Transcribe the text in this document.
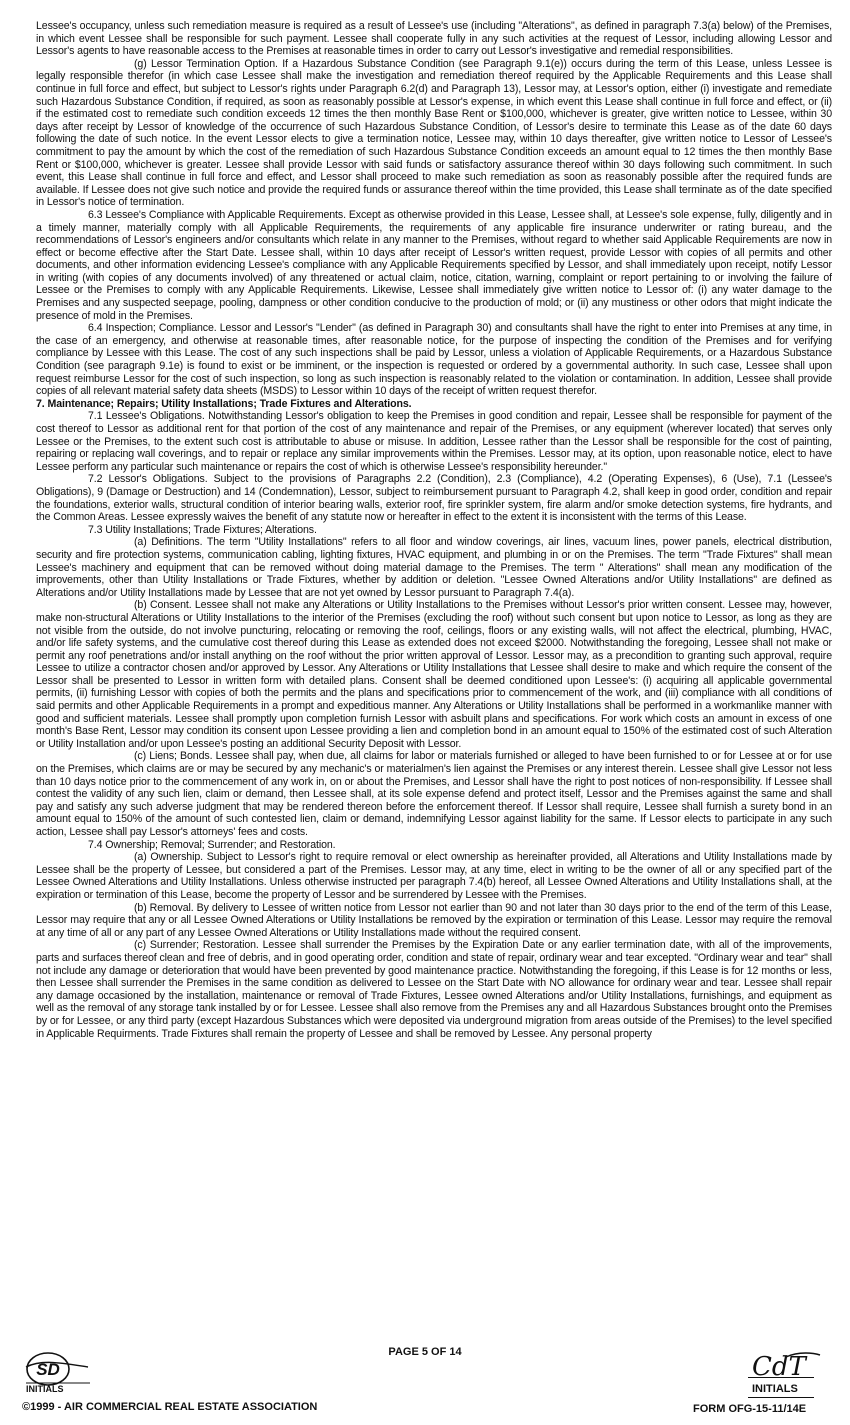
Lessee's occupancy, unless such remediation measure is required as a result of Lessee's use (including "Alterations", as defined in paragraph 7.3(a) below) of the Premises, in which event Lessee shall be responsible for such payment. Lessee shall cooperate fully in any such activities at the request of Lessor, including allowing Lessor and Lessor's agents to have reasonable access to the Premises at reasonable times in order to carry out Lessor's investigative and remedial responsibilities.

(g) Lessor Termination Option. If a Hazardous Substance Condition (see Paragraph 9.1(e)) occurs during the term of this Lease, unless Lessee is legally responsible therefor (in which case Lessee shall make the investigation and remediation thereof required by the Applicable Requirements and this Lease shall continue in full force and effect, but subject to Lessor's rights under Paragraph 6.2(d) and Paragraph 13), Lessor may, at Lessor's option, either (i) investigate and remediate such Hazardous Substance Condition, if required, as soon as reasonably possible at Lessor's expense, in which event this Lease shall continue in full force and effect, or (ii) if the estimated cost to remediate such condition exceeds 12 times the then monthly Base Rent or $100,000, whichever is greater, give written notice to Lessee, within 30 days after receipt by Lessor of knowledge of the occurrence of such Hazardous Substance Condition, of Lessor's desire to terminate this Lease as of the date 60 days following the date of such notice. In the event Lessor elects to give a termination notice, Lessee may, within 10 days thereafter, give written notice to Lessor of Lessee's commitment to pay the amount by which the cost of the remediation of such Hazardous Substance Condition exceeds an amount equal to 12 times the then monthly Base Rent or $100,000, whichever is greater. Lessee shall provide Lessor with said funds or satisfactory assurance thereof within 30 days following such commitment. In such event, this Lease shall continue in full force and effect, and Lessor shall proceed to make such remediation as soon as reasonably possible after the required funds are available. If Lessee does not give such notice and provide the required funds or assurance thereof within the time provided, this Lease shall terminate as of the date specified in Lessor's notice of termination.

6.3 Lessee's Compliance with Applicable Requirements. Except as otherwise provided in this Lease, Lessee shall, at Lessee's sole expense, fully, diligently and in a timely manner, materially comply with all Applicable Requirements, the requirements of any applicable fire insurance underwriter or rating bureau, and the recommendations of Lessor's engineers and/or consultants which relate in any manner to the Premises, without regard to whether said Applicable Requirements are now in effect or become effective after the Start Date. Lessee shall, within 10 days after receipt of Lessor's written request, provide Lessor with copies of all permits and other documents, and other information evidencing Lessee's compliance with any Applicable Requirements specified by Lessor, and shall immediately upon receipt, notify Lessor in writing (with copies of any documents involved) of any threatened or actual claim, notice, citation, warning, complaint or report pertaining to or involving the failure of Lessee or the Premises to comply with any Applicable Requirements. Likewise, Lessee shall immediately give written notice to Lessor of: (i) any water damage to the Premises and any suspected seepage, pooling, dampness or other condition conducive to the production of mold; or (ii) any mustiness or other odors that might indicate the presence of mold in the Premises.

6.4 Inspection; Compliance. Lessor and Lessor's "Lender" (as defined in Paragraph 30) and consultants shall have the right to enter into Premises at any time, in the case of an emergency, and otherwise at reasonable times, after reasonable notice, for the purpose of inspecting the condition of the Premises and for verifying compliance by Lessee with this Lease. The cost of any such inspections shall be paid by Lessor, unless a violation of Applicable Requirements, or a Hazardous Substance Condition (see paragraph 9.1e) is found to exist or be imminent, or the inspection is requested or ordered by a governmental authority. In such case, Lessee shall upon request reimburse Lessor for the cost of such inspection, so long as such inspection is reasonably related to the violation or contamination. In addition, Lessee shall provide copies of all relevant material safety data sheets (MSDS) to Lessor within 10 days of the receipt of written request therefor.

7. Maintenance; Repairs; Utility Installations; Trade Fixtures and Alterations.

7.1 Lessee's Obligations. Notwithstanding Lessor's obligation to keep the Premises in good condition and repair, Lessee shall be responsible for payment of the cost thereof to Lessor as additional rent for that portion of the cost of any maintenance and repair of the Premises, or any equipment (wherever located) that serves only Lessee or the Premises, to the extent such cost is attributable to abuse or misuse. In addition, Lessee rather than the Lessor shall be responsible for the cost of painting, repairing or replacing wall coverings, and to repair or replace any similar improvements within the Premises. Lessor may, at its option, upon reasonable notice, elect to have Lessee perform any particular such maintenance or repairs the cost of which is otherwise Lessee's responsibility hereunder."

7.2 Lessor's Obligations. Subject to the provisions of Paragraphs 2.2 (Condition), 2.3 (Compliance), 4.2 (Operating Expenses), 6 (Use), 7.1 (Lessee's Obligations), 9 (Damage or Destruction) and 14 (Condemnation), Lessor, subject to reimbursement pursuant to Paragraph 4.2, shall keep in good order, condition and repair the foundations, exterior walls, structural condition of interior bearing walls, exterior roof, fire sprinkler system, fire alarm and/or smoke detection systems, fire hydrants, and the Common Areas. Lessee expressly waives the benefit of any statute now or hereafter in effect to the extent it is inconsistent with the terms of this Lease.

7.3 Utility Installations; Trade Fixtures; Alterations.

(a) Definitions. The term "Utility Installations" refers to all floor and window coverings, air lines, vacuum lines, power panels, electrical distribution, security and fire protection systems, communication cabling, lighting fixtures, HVAC equipment, and plumbing in or on the Premises. The term "Trade Fixtures" shall mean Lessee's machinery and equipment that can be removed without doing material damage to the Premises. The term " Alterations" shall mean any modification of the improvements, other than Utility Installations or Trade Fixtures, whether by addition or deletion. "Lessee Owned Alterations and/or Utility Installations" are defined as Alterations and/or Utility Installations made by Lessee that are not yet owned by Lessor pursuant to Paragraph 7.4(a).

(b) Consent. Lessee shall not make any Alterations or Utility Installations to the Premises without Lessor's prior written consent. Lessee may, however, make non-structural Alterations or Utility Installations to the interior of the Premises (excluding the roof) without such consent but upon notice to Lessor, as long as they are not visible from the outside, do not involve puncturing, relocating or removing the roof, ceilings, floors or any existing walls, will not affect the electrical, plumbing, HVAC, and/or life safety systems, and the cumulative cost thereof during this Lease as extended does not exceed $2000. Notwithstanding the foregoing, Lessee shall not make or permit any roof penetrations and/or install anything on the roof without the prior written approval of Lessor. Lessor may, as a precondition to granting such approval, require Lessee to utilize a contractor chosen and/or approved by Lessor. Any Alterations or Utility Installations that Lessee shall desire to make and which require the consent of the Lessor shall be presented to Lessor in written form with detailed plans. Consent shall be deemed conditioned upon Lessee's: (i) acquiring all applicable governmental permits, (ii) furnishing Lessor with copies of both the permits and the plans and specifications prior to commencement of the work, and (iii) compliance with all conditions of said permits and other Applicable Requirements in a prompt and expeditious manner. Any Alterations or Utility Installations shall be performed in a workmanlike manner with good and sufficient materials. Lessee shall promptly upon completion furnish Lessor with asbuilt plans and specifications. For work which costs an amount in excess of one month's Base Rent, Lessor may condition its consent upon Lessee providing a lien and completion bond in an amount equal to 150% of the estimated cost of such Alteration or Utility Installation and/or upon Lessee's posting an additional Security Deposit with Lessor.

(c) Liens; Bonds. Lessee shall pay, when due, all claims for labor or materials furnished or alleged to have been furnished to or for Lessee at or for use on the Premises, which claims are or may be secured by any mechanic's or materialmen's lien against the Premises or any interest therein. Lessee shall give Lessor not less than 10 days notice prior to the commencement of any work in, on or about the Premises, and Lessor shall have the right to post notices of non-responsibility. If Lessee shall contest the validity of any such lien, claim or demand, then Lessee shall, at its sole expense defend and protect itself, Lessor and the Premises against the same and shall pay and satisfy any such adverse judgment that may be rendered thereon before the enforcement thereof. If Lessor shall require, Lessee shall furnish a surety bond in an amount equal to 150% of the amount of such contested lien, claim or demand, indemnifying Lessor against liability for the same. If Lessor elects to participate in any such action, Lessee shall pay Lessor's attorneys' fees and costs.

7.4 Ownership; Removal; Surrender; and Restoration.

(a) Ownership. Subject to Lessor's right to require removal or elect ownership as hereinafter provided, all Alterations and Utility Installations made by Lessee shall be the property of Lessee, but considered a part of the Premises. Lessor may, at any time, elect in writing to be the owner of all or any specified part of the Lessee Owned Alterations and Utility Installations. Unless otherwise instructed per paragraph 7.4(b) hereof, all Lessee Owned Alterations and Utility Installations shall, at the expiration or termination of this Lease, become the property of Lessor and be surrendered by Lessee with the Premises.

(b) Removal. By delivery to Lessee of written notice from Lessor not earlier than 90 and not later than 30 days prior to the end of the term of this Lease, Lessor may require that any or all Lessee Owned Alterations or Utility Installations be removed by the expiration or termination of this Lease. Lessor may require the removal at any time of all or any part of any Lessee Owned Alterations or Utility Installations made without the required consent.

(c) Surrender; Restoration. Lessee shall surrender the Premises by the Expiration Date or any earlier termination date, with all of the improvements, parts and surfaces thereof clean and free of debris, and in good operating order, condition and state of repair, ordinary wear and tear excepted. "Ordinary wear and tear" shall not include any damage or deterioration that would have been prevented by good maintenance practice. Notwithstanding the foregoing, if this Lease is for 12 months or less, then Lessee shall surrender the Premises in the same condition as delivered to Lessee on the Start Date with NO allowance for ordinary wear and tear. Lessee shall repair any damage occasioned by the installation, maintenance or removal of Trade Fixtures, Lessee owned Alterations and/or Utility Installations, furnishings, and equipment as well as the removal of any storage tank installed by or for Lessee. Lessee shall also remove from the Premises any and all Hazardous Substances brought onto the Premises by or for Lessee, or any third party (except Hazardous Substances which were deposited via underground migration from areas outside of the Premises) to the level specified in Applicable Requirments. Trade Fixtures shall remain the property of Lessee and shall be removed by Lessee. Any personal property

SD
INITIALS
PAGE 5 OF 14	CdT
INITIALS
©1999 - AIR COMMERCIAL REAL ESTATE ASSOCIATION	FORM OFG-15-11/14E
